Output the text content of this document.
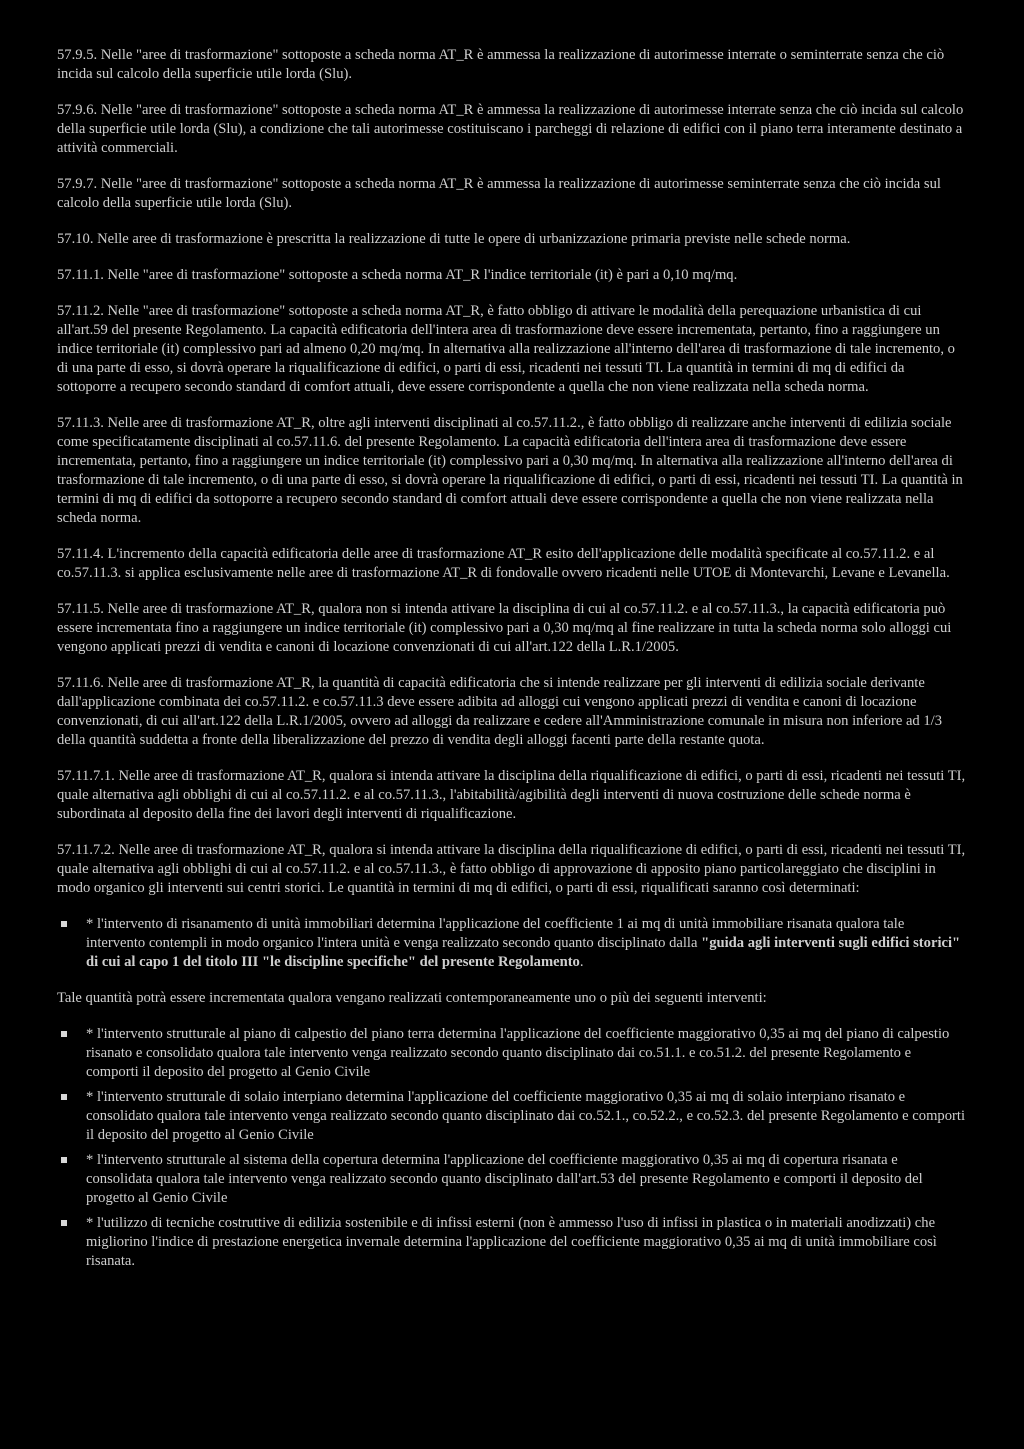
57.9.5. Nelle "aree di trasformazione" sottoposte a scheda norma AT_R è ammessa la realizzazione di autorimesse interrate o seminterrate senza che ciò incida sul calcolo della superficie utile lorda (Slu).

57.9.6. Nelle "aree di trasformazione" sottoposte a scheda norma AT_R è ammessa la realizzazione di autorimesse interrate senza che ciò incida sul calcolo della superficie utile lorda (Slu), a condizione che tali autorimesse costituiscano i parcheggi di relazione di edifici con il piano terra interamente destinato a attività commerciali.

57.9.7. Nelle "aree di trasformazione" sottoposte a scheda norma AT_R è ammessa la realizzazione di autorimesse seminterrate senza che ciò incida sul calcolo della superficie utile lorda (Slu).

57.10. Nelle aree di trasformazione è prescritta la realizzazione di tutte le opere di urbanizzazione primaria previste nelle schede norma.

57.11.1. Nelle "aree di trasformazione" sottoposte a scheda norma AT_R l'indice territoriale (it) è pari a 0,10 mq/mq.

57.11.2. Nelle "aree di trasformazione" sottoposte a scheda norma AT_R, è fatto obbligo di attivare le modalità della perequazione urbanistica di cui all'art.59 del presente Regolamento. La capacità edificatoria dell'intera area di trasformazione deve essere incrementata, pertanto, fino a raggiungere un indice territoriale (it) complessivo pari ad almeno 0,20 mq/mq. In alternativa alla realizzazione all'interno dell'area di trasformazione di tale incremento, o di una parte di esso, si dovrà operare la riqualificazione di edifici, o parti di essi, ricadenti nei tessuti TI. La quantità in termini di mq di edifici da sottoporre a recupero secondo standard di comfort attuali, deve essere corrispondente a quella che non viene realizzata nella scheda norma.

57.11.3. Nelle aree di trasformazione AT_R, oltre agli interventi disciplinati al co.57.11.2., è fatto obbligo di realizzare anche interventi di edilizia sociale come specificatamente disciplinati al co.57.11.6. del presente Regolamento. La capacità edificatoria dell'intera area di trasformazione deve essere incrementata, pertanto, fino a raggiungere un indice territoriale (it) complessivo pari a 0,30 mq/mq. In alternativa alla realizzazione all'interno dell'area di trasformazione di tale incremento, o di una parte di esso, si dovrà operare la riqualificazione di edifici, o parti di essi, ricadenti nei tessuti TI. La quantità in termini di mq di edifici da sottoporre a recupero secondo standard di comfort attuali deve essere corrispondente a quella che non viene realizzata nella scheda norma.

57.11.4. L'incremento della capacità edificatoria delle aree di trasformazione AT_R esito dell'applicazione delle modalità specificate al co.57.11.2. e al co.57.11.3. si applica esclusivamente nelle aree di trasformazione AT_R di fondovalle ovvero ricadenti nelle UTOE di Montevarchi, Levane e Levanella.

57.11.5. Nelle aree di trasformazione AT_R, qualora non si intenda attivare la disciplina di cui al co.57.11.2. e al co.57.11.3., la capacità edificatoria può essere incrementata fino a raggiungere un indice territoriale (it) complessivo pari a 0,30 mq/mq al fine realizzare in tutta la scheda norma solo alloggi cui vengono applicati prezzi di vendita e canoni di locazione convenzionati di cui all'art.122 della L.R.1/2005.

57.11.6. Nelle aree di trasformazione AT_R, la quantità di capacità edificatoria che si intende realizzare per gli interventi di edilizia sociale derivante dall'applicazione combinata dei co.57.11.2. e co.57.11.3 deve essere adibita ad alloggi cui vengono applicati prezzi di vendita e canoni di locazione convenzionati, di cui all'art.122 della L.R.1/2005, ovvero ad alloggi da realizzare e cedere all'Amministrazione comunale in misura non inferiore ad 1/3 della quantità suddetta a fronte della liberalizzazione del prezzo di vendita degli alloggi facenti parte della restante quota.

57.11.7.1. Nelle aree di trasformazione AT_R, qualora si intenda attivare la disciplina della riqualificazione di edifici, o parti di essi, ricadenti nei tessuti TI, quale alternativa agli obblighi di cui al co.57.11.2. e al co.57.11.3., l'abitabilità/agibilità degli interventi di nuova costruzione delle schede norma è subordinata al deposito della fine dei lavori degli interventi di riqualificazione.

57.11.7.2. Nelle aree di trasformazione AT_R, qualora si intenda attivare la disciplina della riqualificazione di edifici, o parti di essi, ricadenti nei tessuti TI, quale alternativa agli obblighi di cui al co.57.11.2. e al co.57.11.3., è fatto obbligo di approvazione di apposito piano particolareggiato che disciplini in modo organico gli interventi sui centri storici. Le quantità in termini di mq di edifici, o parti di essi, riqualificati saranno così determinati:

* l'intervento di risanamento di unità immobiliari determina l'applicazione del coefficiente 1 ai mq di unità immobiliare risanata qualora tale intervento contempli in modo organico l'intera unità e venga realizzato secondo quanto disciplinato dalla "guida agli interventi sugli edifici storici" di cui al capo 1 del titolo III "le discipline specifiche" del presente Regolamento.

Tale quantità potrà essere incrementata qualora vengano realizzati contemporaneamente uno o più dei seguenti interventi:

* l'intervento strutturale al piano di calpestio del piano terra determina l'applicazione del coefficiente maggiorativo 0,35 ai mq del piano di calpestio risanato e consolidato qualora tale intervento venga realizzato secondo quanto disciplinato dai co.51.1. e co.51.2. del presente Regolamento e comporti il deposito del progetto al Genio Civile
* l'intervento strutturale di solaio interpiano determina l'applicazione del coefficiente maggiorativo 0,35 ai mq di solaio interpiano risanato e consolidato qualora tale intervento venga realizzato secondo quanto disciplinato dai co.52.1., co.52.2., e co.52.3. del presente Regolamento e comporti il deposito del progetto al Genio Civile
* l'intervento strutturale al sistema della copertura determina l'applicazione del coefficiente maggiorativo 0,35 ai mq di copertura risanata e consolidata qualora tale intervento venga realizzato secondo quanto disciplinato dall'art.53 del presente Regolamento e comporti il deposito del progetto al Genio Civile
* l'utilizzo di tecniche costruttive di edilizia sostenibile e di infissi esterni (non è ammesso l'uso di infissi in plastica o in materiali anodizzati) che migliorino l'indice di prestazione energetica invernale determina l'applicazione del coefficiente maggiorativo 0,35 ai mq di unità immobiliare così risanata.
